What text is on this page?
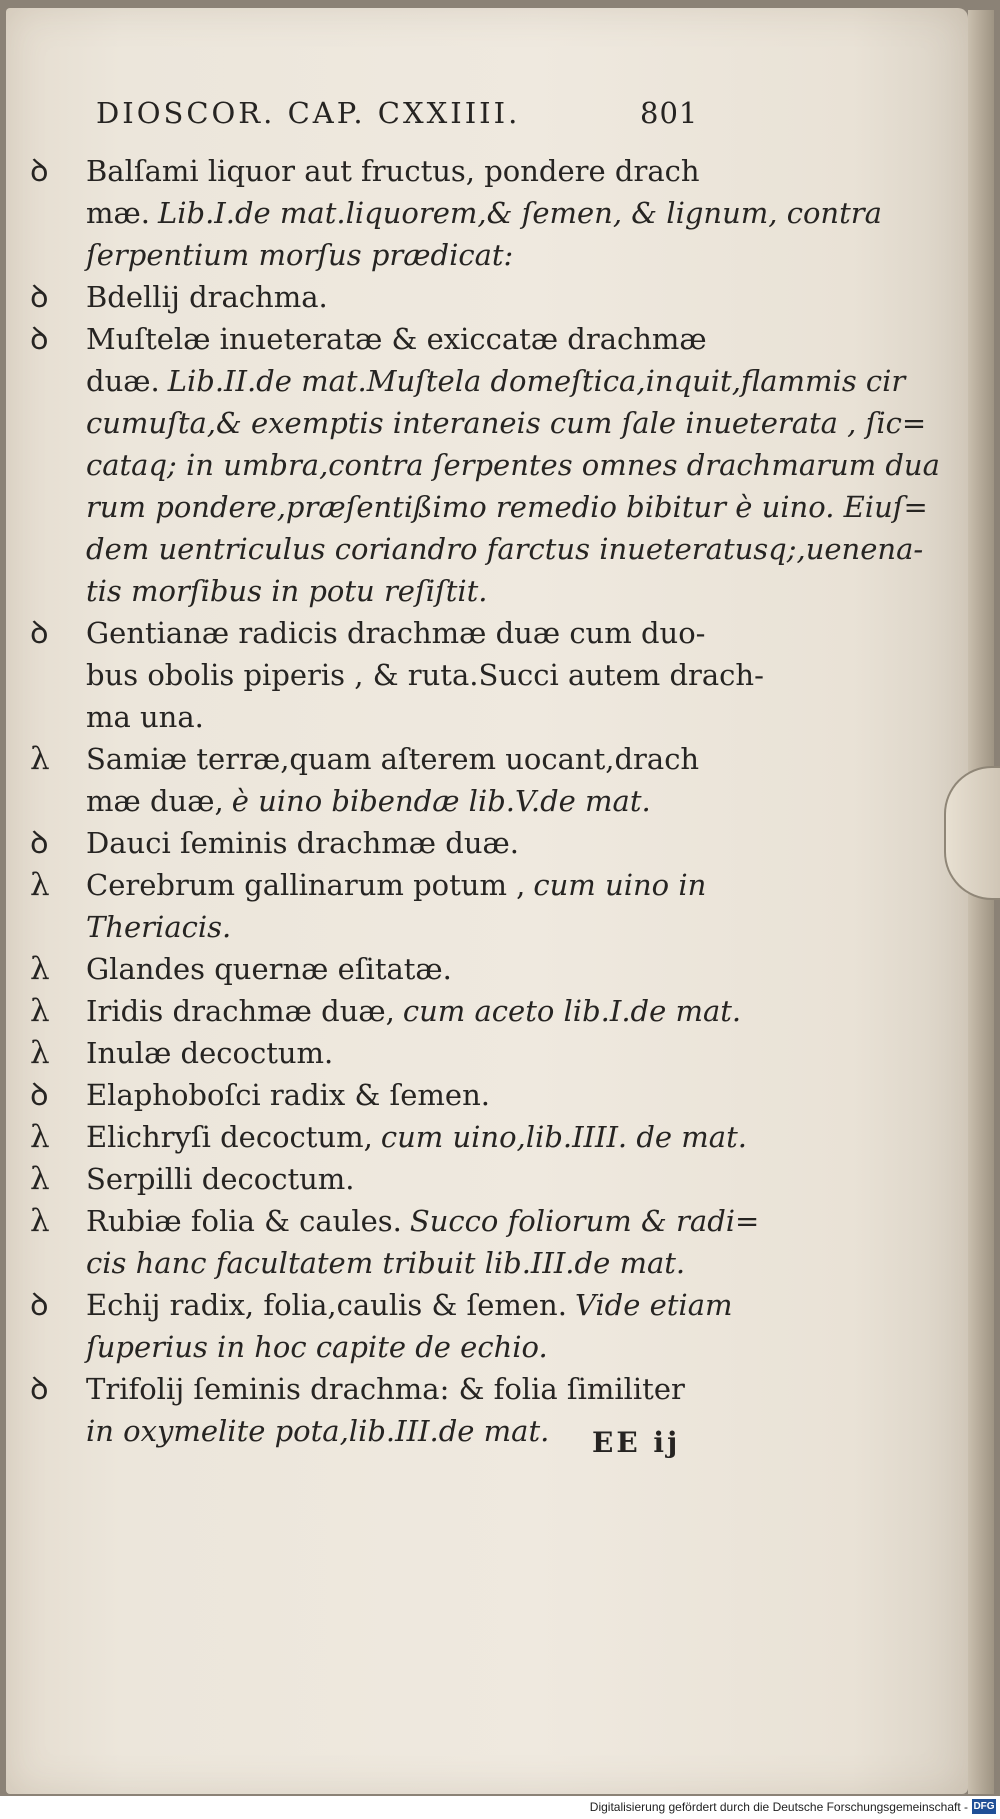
DIOSCOR. CAP. CXXIIII.	801
ꝺ Balſami liquor aut fructus, pondere drach
mæ. Lib.I.de mat.liquorem,& ſemen, & lignum, contra
ſerpentium morſus prædicat:
ꝺ Bdellij drachma.
ꝺ Muſtelæ inueteratæ & exiccatæ drachmæ
duæ. Lib.II.de mat.Muſtela domeſtica,inquit,flammis cir
cumuſta,& exemptis interaneis cum ſale inueterata , ſic=
cataq; in umbra,contra ſerpentes omnes drachmarum dua
rum pondere,præſentißimo remedio bibitur è uino. Eiuſ=
dem uentriculus coriandro farctus inueteratusq;,uenena-
tis morſibus in potu reſiſtit.
ꝺ Gentianæ radicis drachmæ duæ cum duo-
bus obolis piperis , & ruta.Succi autem drach-
ma una.
λ Samiæ terræ,quam aſterem uocant,drach
mæ duæ, è uino bibendæ lib.V.de mat.
ꝺ Dauci ſeminis drachmæ duæ.
λ Cerebrum gallinarum potum , cum uino in
Theriacis.
λ Glandes quernæ eſitatæ.
λ Iridis drachmæ duæ, cum aceto lib.I.de mat.
λ Inulæ decoctum.
ꝺ Elaphoboſci radix & ſemen.
λ Elichryſi decoctum, cum uino,lib.IIII. de mat.
λ Serpilli decoctum.
λ Rubiæ folia & caules. Succo foliorum & radi=
cis hanc facultatem tribuit lib.III.de mat.
ꝺ Echij radix, folia,caulis & ſemen. Vide etiam
ſuperius in hoc capite de echio.
ꝺ Trifolij ſeminis drachma: & folia ſimiliter
in oxymelite pota,lib.III.de mat. EE ij
Digitalisierung gefördert durch die Deutsche Forschungsgemeinschaft - DFG
